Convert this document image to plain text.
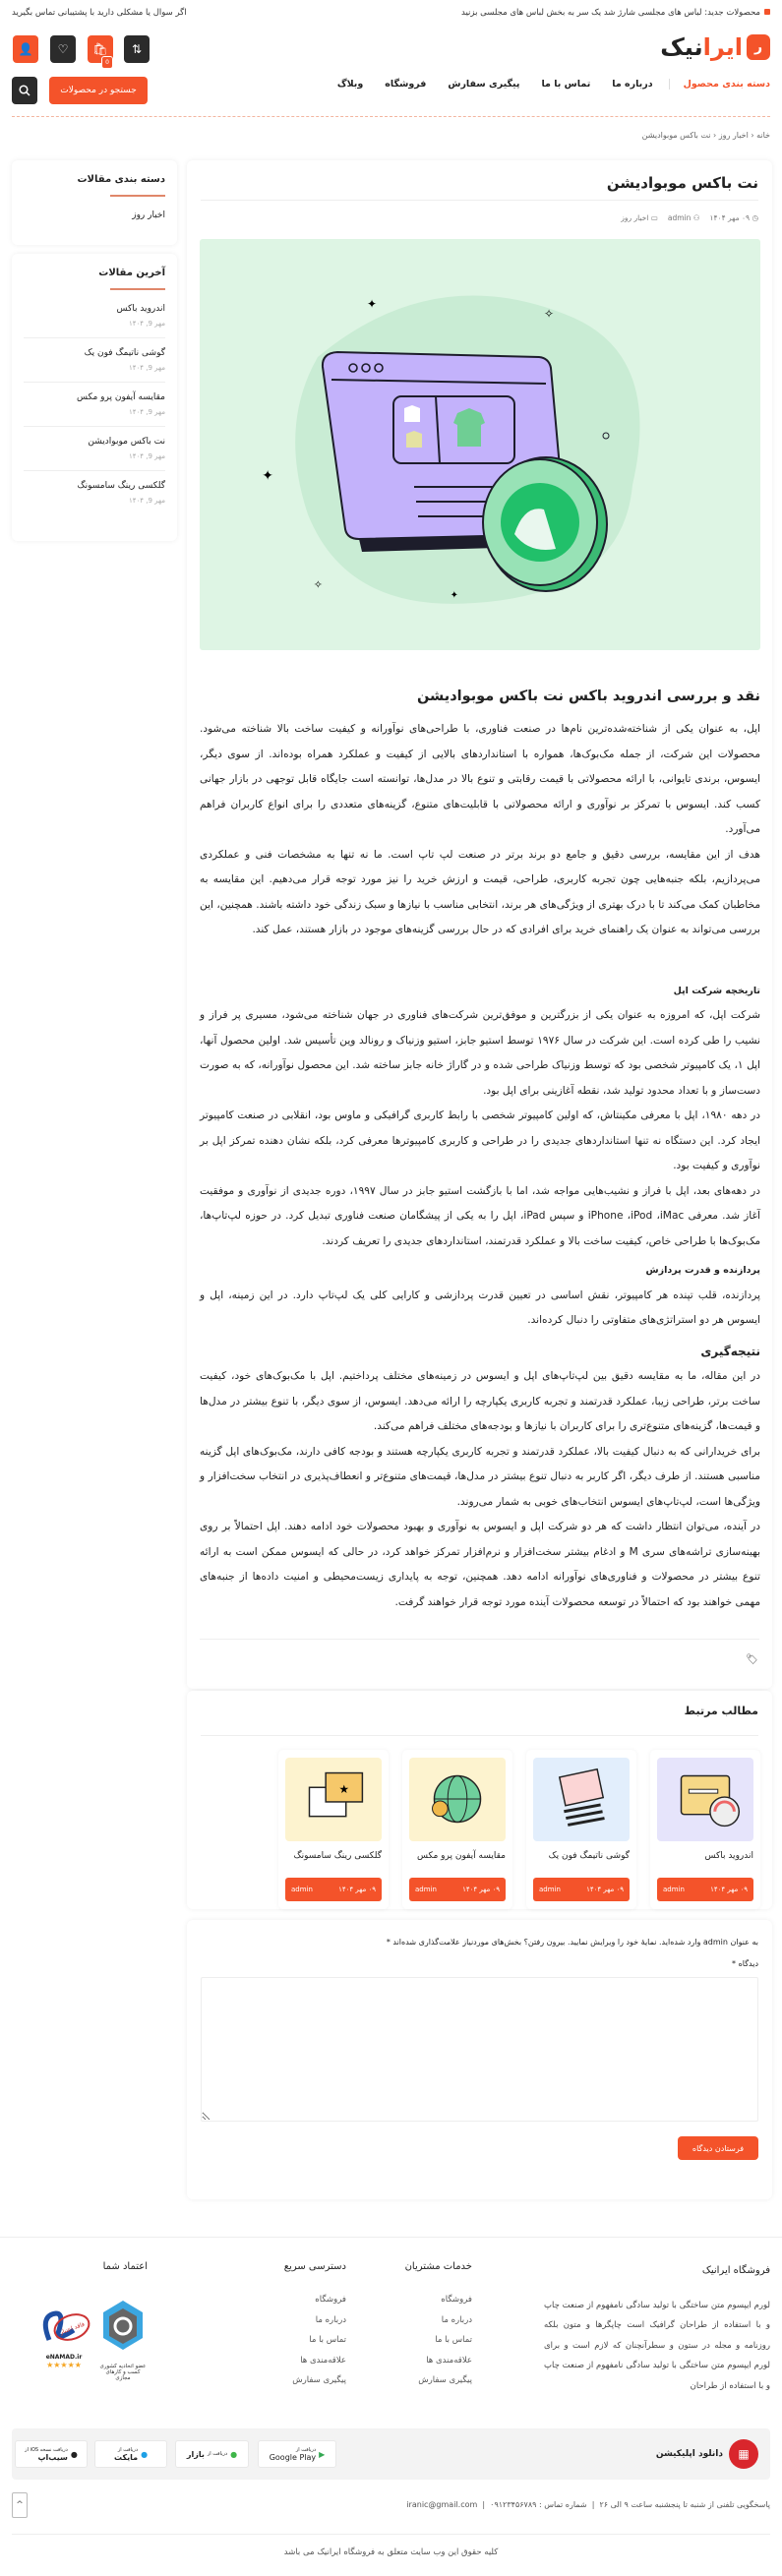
محصولات جدید: لباس های مجلسی شارژ شد یک سر به بخش لباس های مجلسی بزنید
اگر سوال یا مشکلی دارید با پشتیبانی تماس بگیرید
ر
ایرانیک
⇅
🛍
0
♡
👤
دسته بندی محصول
درباره ما
تماس با ما
پیگیری سفارش
فروشگاه
وبلاگ
جستجو در محصولات
خانه ‹ اخبار روز ‹ نت باکس موبوادیشن
دسته بندی مقالات
اخبار روز
آخرین مقالات
اندروید باکس
مهر 9, ۱۴۰۴
گوشی ناتیمگ فون یک
مهر 9, ۱۴۰۴
مقایسه آیفون پرو مکس
مهر 9, ۱۴۰۴
نت باکس موبوادیشن
مهر 9, ۱۴۰۴
گلکسی رینگ سامسونگ
مهر 9, ۱۴۰۴
نت باکس موبوادیشن
◷ ۰۹ مهر ۱۴۰۴
⚇ admin
▭ اخبار روز
✦
✧
✦
✧
✦
نقد و بررسی اندروید باکس نت باکس موبوادیشن

اپل، به عنوان یکی از شناخته‌شده‌ترین نام‌ها در صنعت فناوری، با طراحی‌های نوآورانه و کیفیت ساخت بالا شناخته می‌شود. محصولات این شرکت، از جمله مک‌بوک‌ها، همواره با استانداردهای بالایی از کیفیت و عملکرد همراه بوده‌اند. از سوی دیگر، ایسوس، برندی تایوانی، با ارائه محصولاتی با قیمت رقابتی و تنوع بالا در مدل‌ها، توانسته است جایگاه قابل توجهی در بازار جهانی کسب کند. ایسوس با تمرکز بر نوآوری و ارائه محصولاتی با قابلیت‌های متنوع، گزینه‌های متعددی را برای انواع کاربران فراهم می‌آورد.

هدف از این مقایسه، بررسی دقیق و جامع دو برند برتر در صنعت لپ تاپ است. ما نه تنها به مشخصات فنی و عملکردی می‌پردازیم، بلکه جنبه‌هایی چون تجربه کاربری، طراحی، قیمت و ارزش خرید را نیز مورد توجه قرار می‌دهیم. این مقایسه به مخاطبان کمک می‌کند تا با درک بهتری از ویژگی‌های هر برند، انتخابی مناسب با نیازها و سبک زندگی خود داشته باشند. همچنین، این بررسی می‌تواند به عنوان یک راهنمای خرید برای افرادی که در حال بررسی گزینه‌های موجود در بازار هستند، عمل کند.

تاریخچه شرکت اپل

شرکت اپل، که امروزه به عنوان یکی از بزرگترین و موفق‌ترین شرکت‌های فناوری در جهان شناخته می‌شود، مسیری پر فراز و نشیب را طی کرده است. این شرکت در سال ۱۹۷۶ توسط استیو جابز، استیو وزنیاک و رونالد وین تأسیس شد. اولین محصول آنها، اپل ۱، یک کامپیوتر شخصی بود که توسط وزنیاک طراحی شده و در گاراژ خانه جابز ساخته شد. این محصول نوآورانه، که به صورت دست‌ساز و با تعداد محدود تولید شد، نقطه آغازینی برای اپل بود.

در دهه ۱۹۸۰، اپل با معرفی مکینتاش، که اولین کامپیوتر شخصی با رابط کاربری گرافیکی و ماوس بود، انقلابی در صنعت کامپیوتر ایجاد کرد. این دستگاه نه تنها استانداردهای جدیدی را در طراحی و کاربری کامپیوترها معرفی کرد، بلکه نشان دهنده تمرکز اپل بر نوآوری و کیفیت بود.

در دهه‌های بعد، اپل با فراز و نشیب‌هایی مواجه شد، اما با بازگشت استیو جابز در سال ۱۹۹۷، دوره جدیدی از نوآوری و موفقیت آغاز شد. معرفی iPhone ،iPod ،iMac و سپس iPad، اپل را به یکی از پیشگامان صنعت فناوری تبدیل کرد. در حوزه لپ‌تاپ‌ها، مک‌بوک‌ها با طراحی خاص، کیفیت ساخت بالا و عملکرد قدرتمند، استانداردهای جدیدی را تعریف کردند.

پردازنده و قدرت پردازش

پردازنده، قلب تپنده هر کامپیوتر، نقش اساسی در تعیین قدرت پردازشی و کارایی کلی یک لپ‌تاپ دارد. در این زمینه، اپل و ایسوس هر دو استراتژی‌های متفاوتی را دنبال کرده‌اند.

نتیجه‌گیری

در این مقاله، ما به مقایسه دقیق بین لپ‌تاپ‌های اپل و ایسوس در زمینه‌های مختلف پرداختیم. اپل با مک‌بوک‌های خود، کیفیت ساخت برتر، طراحی زیبا، عملکرد قدرتمند و تجربه کاربری یکپارچه را ارائه می‌دهد. ایسوس، از سوی دیگر، با تنوع بیشتر در مدل‌ها و قیمت‌ها، گزینه‌های متنوع‌تری را برای کاربران با نیازها و بودجه‌های مختلف فراهم می‌کند.

برای خریدارانی که به دنبال کیفیت بالا، عملکرد قدرتمند و تجربه کاربری یکپارچه هستند و بودجه کافی دارند، مک‌بوک‌های اپل گزینه مناسبی هستند. از طرف دیگر، اگر کاربر به دنبال تنوع بیشتر در مدل‌ها، قیمت‌های متنوع‌تر و انعطاف‌پذیری در انتخاب سخت‌افزار و ویژگی‌ها است، لپ‌تاپ‌های ایسوس انتخاب‌های خوبی به شمار می‌روند.

در آینده، می‌توان انتظار داشت که هر دو شرکت اپل و ایسوس به نوآوری و بهبود محصولات خود ادامه دهند. اپل احتمالاً بر روی بهینه‌سازی تراشه‌های سری M و ادغام بیشتر سخت‌افزار و نرم‌افزار تمرکز خواهد کرد، در حالی که ایسوس ممکن است به ارائه تنوع بیشتر در محصولات و فناوری‌های نوآورانه ادامه دهد. همچنین، توجه به پایداری زیست‌محیطی و امنیت داده‌ها از جنبه‌های مهمی خواهند بود که احتمالاً در توسعه محصولات آینده مورد توجه قرار خواهند گرفت.

🏷
مطالب مرتبط
اندروید باکس
۰۹ مهر ۱۴۰۴
admin
گوشی ناتیمگ فون یک
۰۹ مهر ۱۴۰۴
admin
مقایسه آیفون پرو مکس
۰۹ مهر ۱۴۰۴
admin
★
گلکسی رینگ سامسونگ
۰۹ مهر ۱۴۰۴
admin
به عنوان admin وارد شده‌اید. نمایهٔ خود را ویرایش نمایید. بیرون رفتن؟ بخش‌های موردنیاز علامت‌گذاری شده‌اند *
دیدگاه *
فرستادن دیدگاه
فروشگاه ایرانیک
لورم ایپسوم متن ساختگی با تولید سادگی نامفهوم از صنعت چاپ و با استفاده از طراحان گرافیک است چاپگرها و متون بلکه روزنامه و مجله در ستون و سطرآنچنان که لازم است و برای لورم ایپسوم متن ساختگی با تولید سادگی نامفهوم از صنعت چاپ و با استفاده از طراحان
خدمات مشتریان
فروشگاه
درباره ما
تماس با ما
علاقه‌مندی ها
پیگیری سفارش
دسترسی سریع
فروشگاه
درباره ما
تماس با ما
علاقه‌مندی ها
پیگیری سفارش
اعتماد شما
عضو اتحادیه کشوری کسب و کارهای مجازی
فاقد اعتبار
eNAMAD.ir
★★★★★
▦
دانلود اپلیکیشن
▶
دریافت از
Google Play
●
دریافت از
بازار
●
دریافت از
مایکت
●
دریافت نسخه iOS از
سیب‌اپ
پاسخگویی تلفنی از شنبه تا پنجشنبه ساعت ۹ الی ۲۶  |  شماره تماس : ۰۹۱۲۳۴۵۶۷۸۹  |  iranic@gmail.com
^
کلیه حقوق این وب سایت متعلق به فروشگاه ایرانیک می باشد
